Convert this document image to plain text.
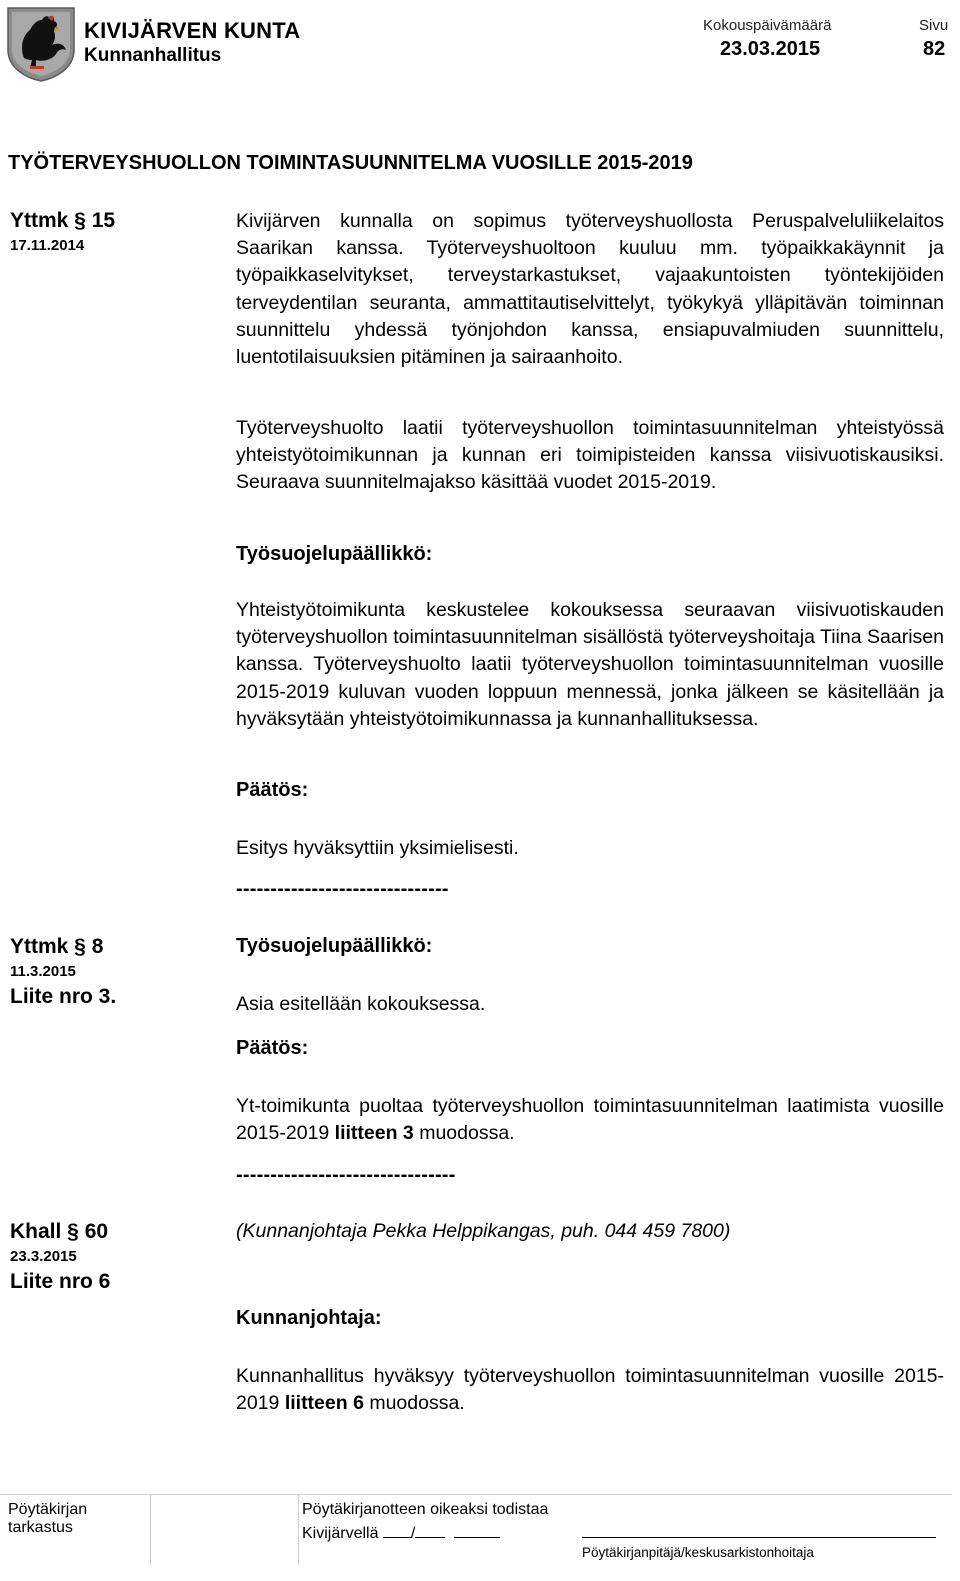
KIVIJÄRVEN KUNTA
Kunnanhallitus
Kokouspäivämäärä
23.03.2015
Sivu
82
TYÖTERVEYSHUOLLON TOIMINTASUUNNITELMA VUOSILLE 2015-2019
Yttmk § 15
17.11.2014
Kivijärven kunnalla on sopimus työterveyshuollosta Peruspalveluliikelaitos Saarikan kanssa. Työterveyshuoltoon kuuluu mm. työpaikkakäynnit ja työpaikkaselvitykset, terveystarkastukset, vajaakuntoisten työntekijöiden terveydentilan seuranta, ammattitautiselvittelyt, työkykyä ylläpitävän toiminnan suunnittelu yhdessä työnjohdon kanssa, ensiapuvalmiuden suunnittelu, luentotilaisuuksien pitäminen ja sairaanhoito.
Työterveyshuolto laatii työterveyshuollon toimintasuunnitelman yhteistyössä yhteistyötoimikunnan ja kunnan eri toimipisteiden kanssa viisivuotiskausiksi. Seuraava suunnitelmajakso käsittää vuodet 2015-2019.
Työsuojelupäällikkö:
Yhteistyötoimikunta keskustelee kokouksessa seuraavan viisivuotiskauden työterveyshuollon toimintasuunnitelman sisällöstä työterveyshoitaja Tiina Saarisen kanssa. Työterveyshuolto laatii työterveyshuollon toimintasuunnitelman vuosille 2015-2019 kuluvan vuoden loppuun mennessä, jonka jälkeen se käsitellään ja hyväksytään yhteistyötoimikunnassa ja kunnanhallituksessa.
Päätös:
Esitys hyväksyttiin yksimielisesti.
-------------------------------
Yttmk § 8
11.3.2015
Liite nro 3.
Työsuojelupäällikkö:
Asia esitellään kokouksessa.
Päätös:
Yt-toimikunta puoltaa työterveyshuollon toimintasuunnitelman laatimista vuosille 2015-2019 liitteen 3 muodossa.
--------------------------------
Khall § 60
23.3.2015
Liite nro 6
(Kunnanjohtaja Pekka Helppikangas, puh. 044 459 7800)
Kunnanjohtaja:
Kunnanhallitus hyväksyy työterveyshuollon toimintasuunnitelman vuosille 2015-2019 liitteen 6 muodossa.
Pöytäkirjan tarkastus
Pöytäkirjanotteen oikeaksi todistaa
Kivijärvellä /
Pöytäkirjanpitäjä/keskusarkistonhoitaja
